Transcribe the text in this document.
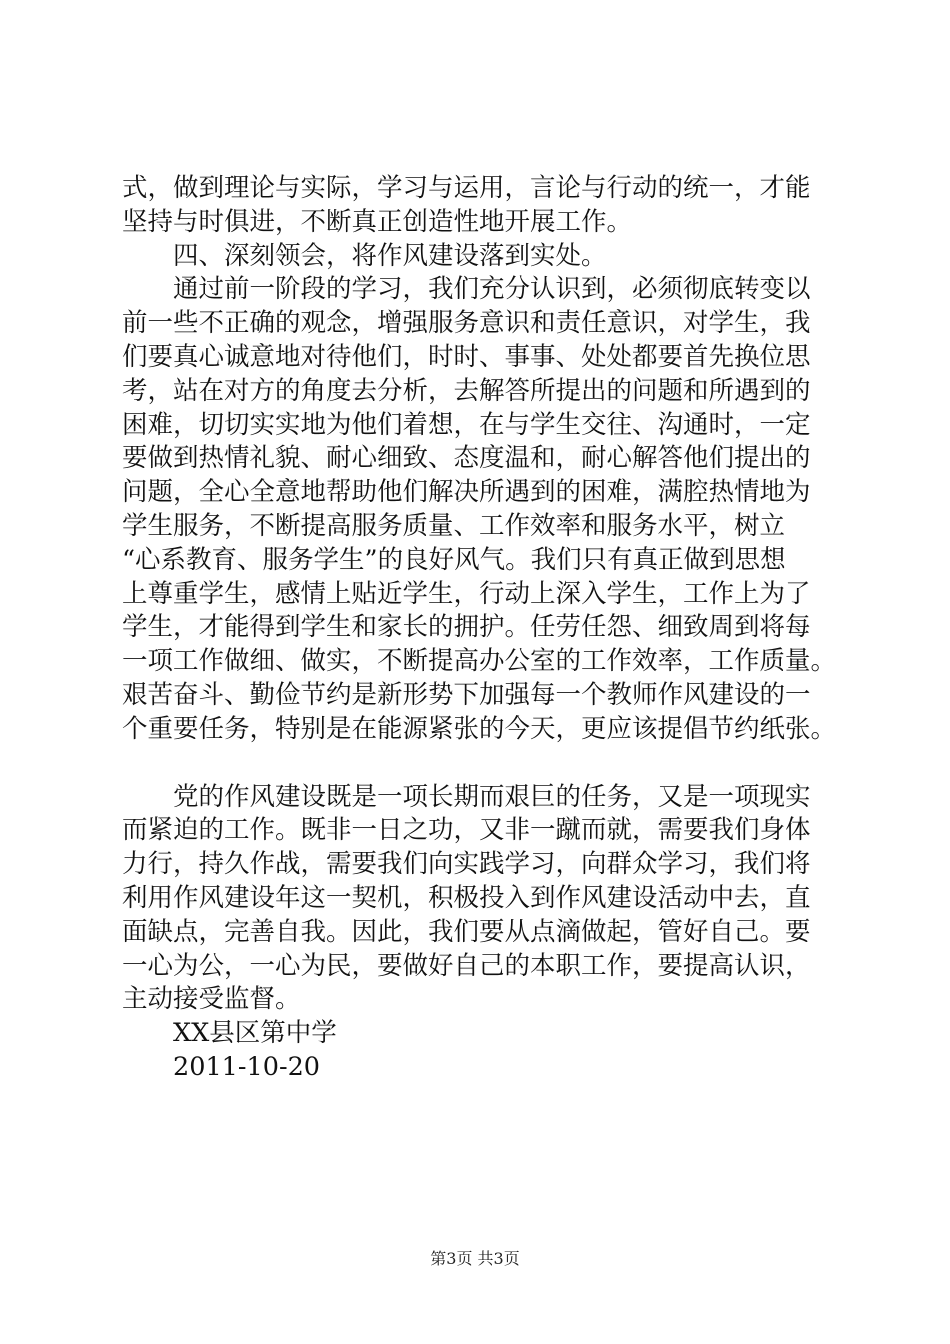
式，做到理论与实际，学习与运用，言论与行动的统一，才能
坚持与时俱进，不断真正创造性地开展工作。
　　四、深刻领会，将作风建设落到实处。
　　通过前一阶段的学习，我们充分认识到，必须彻底转变以
前一些不正确的观念，增强服务意识和责任意识，对学生，我
们要真心诚意地对待他们，时时、事事、处处都要首先换位思
考，站在对方的角度去分析，去解答所提出的问题和所遇到的
困难，切切实实地为他们着想，在与学生交往、沟通时，一定
要做到热情礼貌、耐心细致、态度温和，耐心解答他们提出的
问题，全心全意地帮助他们解决所遇到的困难，满腔热情地为
学生服务，不断提高服务质量、工作效率和服务水平，树立
“心系教育、服务学生”的良好风气。我们只有真正做到思想
上尊重学生，感情上贴近学生，行动上深入学生，工作上为了
学生，才能得到学生和家长的拥护。任劳任怨、细致周到将每
一项工作做细、做实，不断提高办公室的工作效率，工作质量。
艰苦奋斗、勤俭节约是新形势下加强每一个教师作风建设的一
个重要任务，特别是在能源紧张的今天，更应该提倡节约纸张。
　　党的作风建设既是一项长期而艰巨的任务，又是一项现实
而紧迫的工作。既非一日之功，又非一蹴而就，需要我们身体
力行，持久作战，需要我们向实践学习，向群众学习，我们将
利用作风建设年这一契机，积极投入到作风建设活动中去，直
面缺点，完善自我。因此，我们要从点滴做起，管好自己。要
一心为公，一心为民，要做好自己的本职工作，要提高认识，
主动接受监督。
　　XX县区第中学
　　2011-10-20
第3页 共3页
